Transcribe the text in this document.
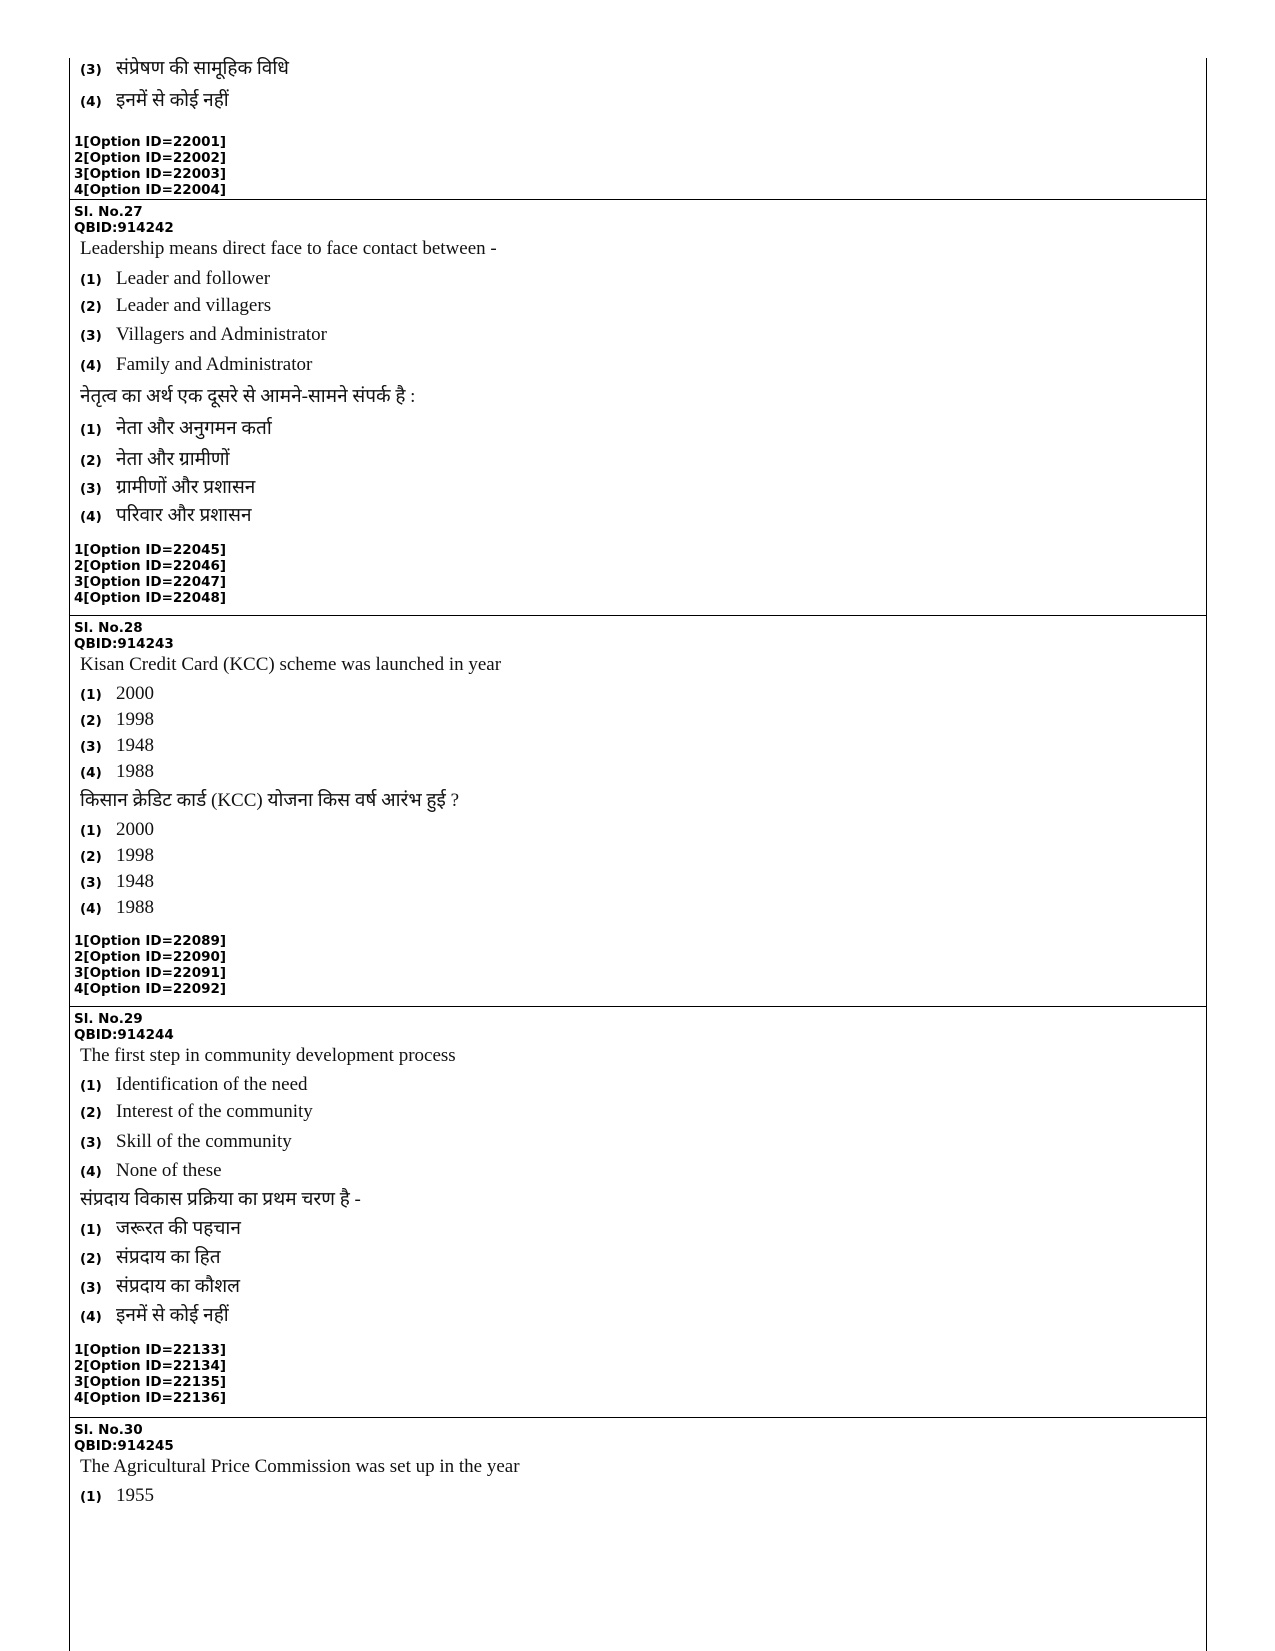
(3) संप्रेषण की सामूहिक विधि
(4) इनमें से कोई नहीं
1[Option ID=22001]
2[Option ID=22002]
3[Option ID=22003]
4[Option ID=22004]
Sl. No.27
QBID:914242
Leadership means direct face to face contact between -
(1) Leader and follower
(2) Leader and villagers
(3) Villagers and Administrator
(4) Family and Administrator
नेतृत्व का अर्थ एक दूसरे से आमने-सामने संपर्क है :
(1) नेता और अनुगमन कर्ता
(2) नेता और ग्रामीणों
(3) ग्रामीणों और प्रशासन
(4) परिवार और प्रशासन
1[Option ID=22045]
2[Option ID=22046]
3[Option ID=22047]
4[Option ID=22048]
Sl. No.28
QBID:914243
Kisan Credit Card (KCC) scheme was launched in year
(1) 2000
(2) 1998
(3) 1948
(4) 1988
किसान क्रेडिट कार्ड (KCC) योजना किस वर्ष आरंभ हुई ?
(1) 2000
(2) 1998
(3) 1948
(4) 1988
1[Option ID=22089]
2[Option ID=22090]
3[Option ID=22091]
4[Option ID=22092]
Sl. No.29
QBID:914244
The first step in community development process
(1) Identification of the need
(2) Interest of the community
(3) Skill of the community
(4) None of these
संप्रदाय विकास प्रक्रिया का प्रथम चरण है -
(1) जरूरत की पहचान
(2) संप्रदाय का हित
(3) संप्रदाय का कौशल
(4) इनमें से कोई नहीं
1[Option ID=22133]
2[Option ID=22134]
3[Option ID=22135]
4[Option ID=22136]
Sl. No.30
QBID:914245
The Agricultural Price Commission was set up in the year
(1) 1955
